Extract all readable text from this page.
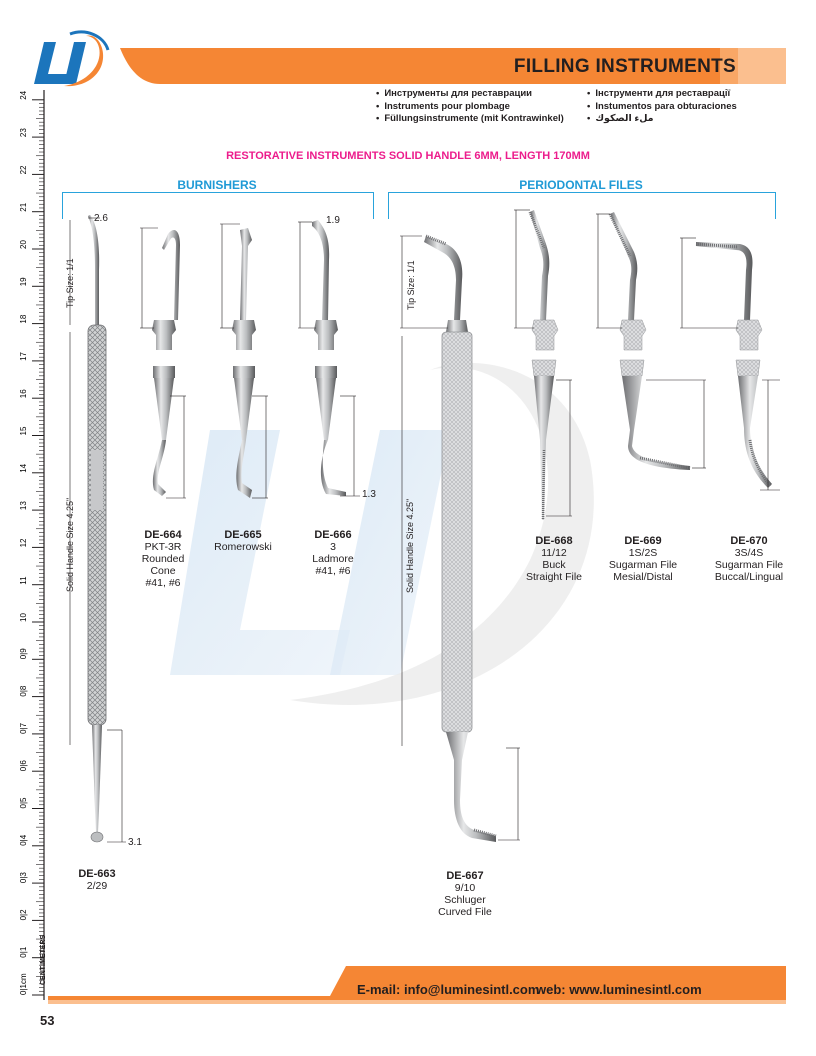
FILLING INSTRUMENTS
• Инструменты для реставрации
• Instruments pour plombage
• Füllungsinstrumente (mit Kontrawinkel)
• Інструменти для реставрації
• Instumentos para obturaciones
• ملء الصكوك
RESTORATIVE INSTRUMENTS SOLID HANDLE 6MM, LENGTH 170MM
BURNISHERS	PERIODONTAL FILES
0|1cm
0|1
0|2
0|3
0|4
0|5
0|6
0|7
0|8
0|9
10
11
12
13
14
15
16
17
18
19
20
21
22
23
24
CENTIMETERS
2.6
3.1
1.9
1.3
Tip Size: 1/1
Solid Handle Size 4.25"
Tip Size: 1/1
Solid Handle Size 4.25"
DE-663
2/29
DE-664
PKT-3R
Rounded
Cone
#41, #6
DE-665
Romerowski
DE-666
3
Ladmore
#41, #6
DE-667
9/10
Schluger
Curved File
DE-668
11/12
Buck
Straight File
DE-669
1S/2S
Sugarman File
Mesial/Distal
DE-670
3S/4S
Sugarman File
Buccal/Lingual
E-mail: info@luminesintl.com
web: www.luminesintl.com
53
